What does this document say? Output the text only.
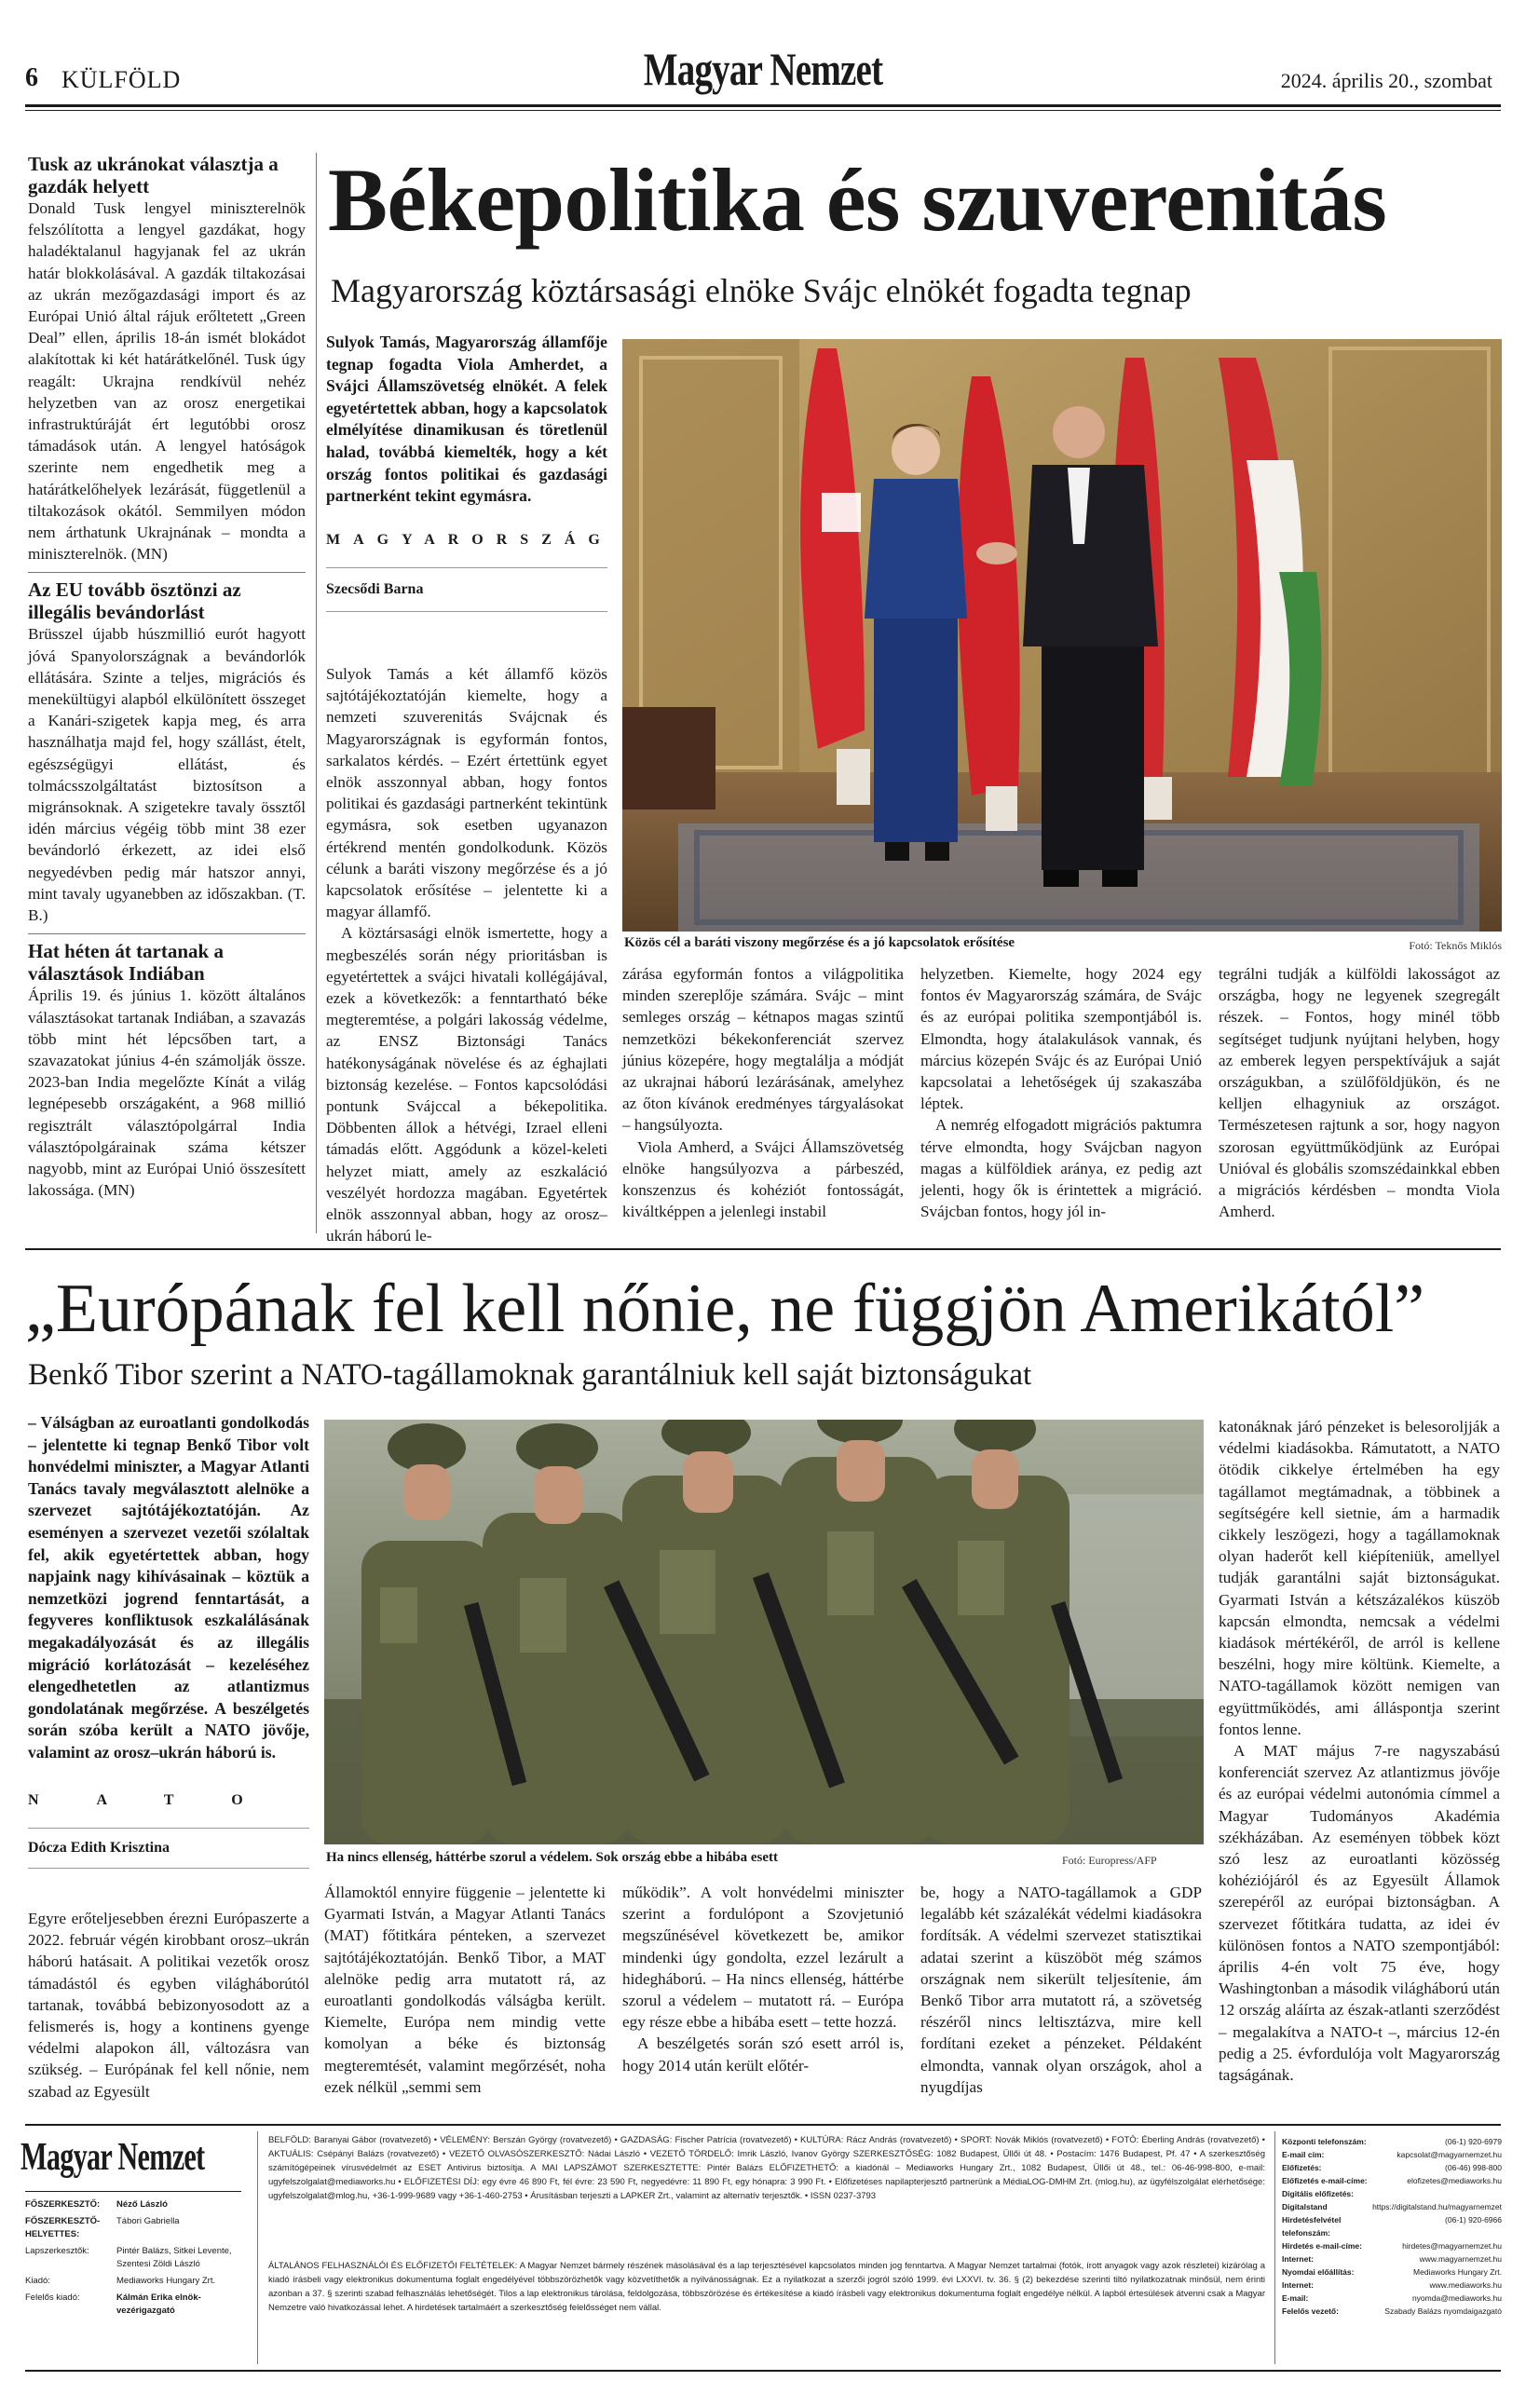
6 KÜLFÖLD	Magyar Nemzet	2024. április 20., szombat
Tusk az ukránokat választja a gazdák helyett

Donald Tusk lengyel miniszterelnök felszólította a lengyel gazdákat, hogy haladéktalanul hagyjanak fel az ukrán határ blokkolásával. A gazdák tiltakozásai az ukrán mezőgazdasági import és az Európai Unió által rájuk erőltetett „Green Deal” ellen, április 18-án ismét blokádot alakítottak ki két határátkelőnél. Tusk úgy reagált: Ukrajna rendkívül nehéz helyzetben van az orosz energetikai infrastruktúráját ért legutóbbi orosz támadások után. A lengyel hatóságok szerinte nem engedhetik meg a határátkelőhelyek lezárását, függetlenül a tiltakozások okától. Semmilyen módon nem árthatunk Ukrajnának – mondta a miniszterelnök. (MN)

Az EU tovább ösztönzi az illegális bevándorlást

Brüsszel újabb húszmillió eurót hagyott jóvá Spanyolországnak a bevándorlók ellátására. Szinte a teljes, migrációs és menekültügyi alapból elkülönített összeget a Kanári-szigetek kapja meg, és arra használhatja majd fel, hogy szállást, ételt, egészségügyi ellátást, és tolmácsszolgáltatást biztosítson a migránsoknak. A szigetekre tavaly össztől idén március végéig több mint 38 ezer bevándorló érkezett, az idei első negyedévben pedig már hatszor annyi, mint tavaly ugyanebben az időszakban. (T. B.)

Hat héten át tartanak a választások Indiában

Április 19. és június 1. között általános választásokat tartanak Indiában, a szavazás több mint hét lépcsőben tart, a szavazatokat június 4-én számolják össze. 2023-ban India megelőzte Kínát a világ legnépesebb országaként, a 968 millió regisztrált választópolgárral India választópolgárainak száma kétszer nagyobb, mint az Európai Unió összesített lakossága. (MN)

Békepolitika és szuverenitás
Magyarország köztársasági elnöke Svájc elnökét fogadta tegnap
Sulyok Tamás, Magyarország államfője tegnap fogadta Viola Amherdet, a Svájci Államszövetség elnökét. A felek egyetértettek abban, hogy a kapcsolatok elmélyítése dinamikusan és töretlenül halad, továbbá kiemelték, hogy a két ország fontos politikai és gazdasági partnerként tekint egymásra.
MAGYARORSZÁG
Szecsődi Barna

Sulyok Tamás a két államfő közös sajtótájékoztatóján kiemelte, hogy a nemzeti szuverenitás Svájcnak és Magyarországnak is egyformán fontos, sarkalatos kérdés. – Ezért értettünk egyet elnök asszonnyal abban, hogy fontos politikai és gazdasági partnerként tekintünk egymásra, sok esetben ugyanazon értékrend mentén gondolkodunk. Közös célunk a baráti viszony megőrzése és a jó kapcsolatok erősítése – jelentette ki a magyar államfő.

A köztársasági elnök ismertette, hogy a megbeszélés során négy prioritásban is egyetértettek a svájci hivatali kollégájával, ezek a következők: a fenntartható béke megteremtése, a polgári lakosság védelme, az ENSZ Biztonsági Tanács hatékonyságának növelése és az éghajlati biztonság kezelése. – Fontos kapcsolódási pontunk Svájccal a békepolitika. Döbbenten állok a hétvégi, Izrael elleni támadás előtt. Aggódunk a közel-keleti helyzet miatt, amely az eszkaláció veszélyét hordozza magában. Egyetértek elnök asszonnyal abban, hogy az orosz–ukrán háború le-

Közös cél a baráti viszony megőrzése és a jó kapcsolatok erősítése	Fotó: Teknős Miklós

zárása egyformán fontos a világpolitika minden szereplője számára. Svájc – mint semleges ország – kétnapos magas szintű nemzetközi békekonferenciát szervez június közepére, hogy megtalálja a módját az ukrajnai háború lezárásának, amelyhez az őton kívánok eredményes tárgyalásokat – hangsúlyozta.

Viola Amherd, a Svájci Államszövetség elnöke hangsúlyozva a párbeszéd, konszenzus és kohéziót fontosságát, kiváltképpen a jelenlegi instabil

helyzetben. Kiemelte, hogy 2024 egy fontos év Magyarország számára, de Svájc és az európai politika szempontjából is. Elmondta, hogy átalakulások vannak, és március közepén Svájc és az Európai Unió kapcsolatai a lehetőségek új szakaszába léptek.

A nemrég elfogadott migrációs paktumra térve elmondta, hogy Svájcban nagyon magas a külföldiek aránya, ez pedig azt jelenti, hogy ők is érintettek a migráció. Svájcban fontos, hogy jól in-

tegrálni tudják a külföldi lakosságot az országba, hogy ne legyenek szegregált részek. – Fontos, hogy minél több segítséget tudjunk nyújtani helyben, hogy az emberek legyen perspektívájuk a saját országukban, a szülőföldjükön, és ne kelljen elhagyniuk az országot. Természetesen rajtunk a sor, hogy nagyon szorosan együttműködjünk az Európai Unióval és globális szomszédainkkal ebben a migrációs kérdésben – mondta Viola Amherd.

„Európának fel kell nőnie, ne függjön Amerikától”
Benkő Tibor szerint a NATO-tagállamoknak garantálniuk kell saját biztonságukat
– Válságban az euroatlanti gondolkodás – jelentette ki tegnap Benkő Tibor volt honvédelmi miniszter, a Magyar Atlanti Tanács tavaly megválasztott alelnöke a szervezet sajtótájékoztatóján. Az eseményen a szervezet vezetői szólaltak fel, akik egyetértettek abban, hogy napjaink nagy kihívásainak – köztük a nemzetközi jogrend fenntartását, a fegyveres konfliktusok eszkalálásának megakadályozását és az illegális migráció korlátozását – kezeléséhez elengedhetetlen az atlantizmus gondolatának megőrzése. A beszélgetés során szóba került a NATO jövője, valamint az orosz–ukrán háború is.
NATO
Dócza Edith Krisztina

Egyre erőteljesebben érezni Európaszerte a 2022. február végén kirobbant orosz–ukrán háború hatásait. A politikai vezetők orosz támadástól és egyben világháborútól tartanak, továbbá bebizonyosodott az a felismerés is, hogy a kontinens gyenge védelmi alapokon áll, változásra van szükség. – Európának fel kell nőnie, nem szabad az Egyesült

Ha nincs ellenség, háttérbe szorul a védelem. Sok ország ebbe a hibába esett	Fotó: Europress/AFP

Államoktól ennyire függenie – jelentette ki Gyarmati István, a Magyar Atlanti Tanács (MAT) főtitkára pénteken, a szervezet sajtótájékoztatóján. Benkő Tibor, a MAT alelnöke pedig arra mutatott rá, az euroatlanti gondolkodás válságba került. Kiemelte, Európa nem mindig vette komolyan a béke és biztonság megteremtését, valamint megőrzését, noha ezek nélkül „semmi sem

működik”. A volt honvédelmi miniszter szerint a fordulópont a Szovjetunió megszűnésével következett be, amikor mindenki úgy gondolta, ezzel lezárult a hidegháború. – Ha nincs ellenség, háttérbe szorul a védelem – mutatott rá. – Európa egy része ebbe a hibába esett – tette hozzá.

A beszélgetés során szó esett arról is, hogy 2014 után került előtér-

be, hogy a NATO-tagállamok a GDP legalább két százalékát védelmi kiadásokra fordítsák. A védelmi szervezet statisztikai adatai szerint a küszöböt még számos országnak nem sikerült teljesítenie, ám Benkő Tibor arra mutatott rá, a szövetség részéről nincs leltisztázva, mire kell fordítani ezeket a pénzeket. Példaként elmondta, vannak olyan országok, ahol a nyugdíjas

katonáknak járó pénzeket is belesoroljják a védelmi kiadásokba. Rámutatott, a NATO ötödik cikkelye értelmében ha egy tagállamot megtámadnak, a többinek a segítségére kell sietnie, ám a harmadik cikkely leszögezi, hogy a tagállamoknak olyan haderőt kell kiépíteniük, amellyel tudják garantálni saját biztonságukat. Gyarmati István a kétszázalékos küszöb kapcsán elmondta, nemcsak a védelmi kiadások mértékéről, de arról is kellene beszélni, hogy mire költünk. Kiemelte, a NATO-tagállamok között nemigen van együttműködés, ami álláspontja szerint fontos lenne.

A MAT május 7-re nagyszabású konferenciát szervez Az atlantizmus jövője és az európai védelmi autonómia címmel a Magyar Tudományos Akadémia székházában. Az eseményen többek közt szó lesz az euroatlanti közösség kohéziójáról és az Egyesült Államok szerepéről az európai biztonságban. A szervezet főtitkára tudatta, az idei év különösen fontos a NATO szempontjából: április 4-én volt 75 éve, hogy Washingtonban a második világháború után 12 ország aláírta az észak-atlanti szerződést – megalakítva a NATO-t –, március 12-én pedig a 25. évfordulója volt Magyarország tagságának.

Magyar Nemzet
FŐSZERKESZTŐ:	Néző László
FŐSZERKESZTŐ-HELYETTES:	Tábori Gabriella
Lapszerkesztők:	Pintér Balázs, Sitkei Levente, Szentesi Zöldi László
Kiadó:	Mediaworks Hungary Zrt.
Felelős kiadó:	Kálmán Erika elnök-vezérigazgató
BELFÖLD: Baranyai Gábor (rovatvezető) • VÉLEMÉNY: Berszán György (rovatvezető) • GAZDASÁG: Fischer Patrícia (rovatvezető) • KULTÚRA: Rácz András (rovatvezető) • SPORT: Novák Miklós (rovatvezető) • FOTÓ: Éberling András (rovatvezető) • AKTUÁLIS: Csépányi Balázs (rovatvezető) • VEZETŐ OLVASÓSZERKESZTŐ: Nádai László • VEZETŐ TÖRDELŐ: Imrik László, Ivanov György SZERKESZTŐSÉG: 1082 Budapest, Üllői út 48. • Postacím: 1476 Budapest, Pf. 47 • A szerkesztőség számítógépeinek vírusvédelmét az ESET Antivirus biztosítja. A MAI LAPSZÁMOT SZERKESZTETTE: Pintér Balázs ELŐFIZETHETŐ: a kiadónál – Mediaworks Hungary Zrt., 1082 Budapest, Üllői út 48., tel.: 06-46-998-800, e-mail: ugyfelszolgalat@mediaworks.hu • ELŐFIZETÉSI DÍJ: egy évre 46 890 Ft, fél évre: 23 590 Ft, negyedévre: 11 890 Ft, egy hónapra: 3 990 Ft. • Előfizetéses napilapterjesztő partnerünk a MédiaLOG-DMHM Zrt. (mlog.hu), az ügyfélszolgálat elérhetősége: ugyfelszolgalat@mlog.hu, +36-1-999-9689 vagy +36-1-460-2753 • Árusításban terjeszti a LAPKER Zrt., valamint az alternatív terjesztők. • ISSN 0237-3793
ÁLTALÁNOS FELHASZNÁLÓI ÉS ELŐFIZETŐI FELTÉTELEK: A Magyar Nemzet bármely részének másolásával és a lap terjesztésével kapcsolatos minden jog fenntartva. A Magyar Nemzet tartalmai (fotók, írott anyagok vagy azok részletei) kizárólag a kiadó írásbeli vagy elektronikus dokumentuma foglalt engedélyével többszörözhetők vagy közvetíthetők a nyilvánosságnak. Ez a nyilatkozat a szerzői jogról szóló 1999. évi LXXVI. tv. 36. § (2) bekezdése szerinti tiltó nyilatkozatnak minősül, nem érinti azonban a 37. § szerinti szabad felhasználás lehetőségét. Tilos a lap elektronikus tárolása, feldolgozása, többszörözése és értékesítése a kiadó írásbeli vagy elektronikus dokumentuma foglalt engedélye nélkül. A lapból értesülések átvenni csak a Magyar Nemzetre való hivatkozással lehet. A hirdetések tartalmáért a szerkesztőség felelősséget nem vállal.
Központi telefonszám:	(06-1) 920-6979
E-mail cím:	kapcsolat@magyarnemzet.hu
Előfizetés:	(06-46) 998-800
Előfizetés e-mail-címe:	elofizetes@mediaworks.hu
Digitális előfizetés:	
Digitalstand	https://digitalstand.hu/magyarnemzet
Hirdetésfelvétel telefonszám:	(06-1) 920-6966
Hirdetés e-mail-címe:	hirdetes@magyarnemzet.hu
Internet:	www.magyarnemzet.hu
Nyomdai előállítás:	Mediaworks Hungary Zrt.
Internet:	www.mediaworks.hu
E-mail:	nyomda@mediaworks.hu
Felelős vezető:	Szabady Balázs nyomdaigazgató
